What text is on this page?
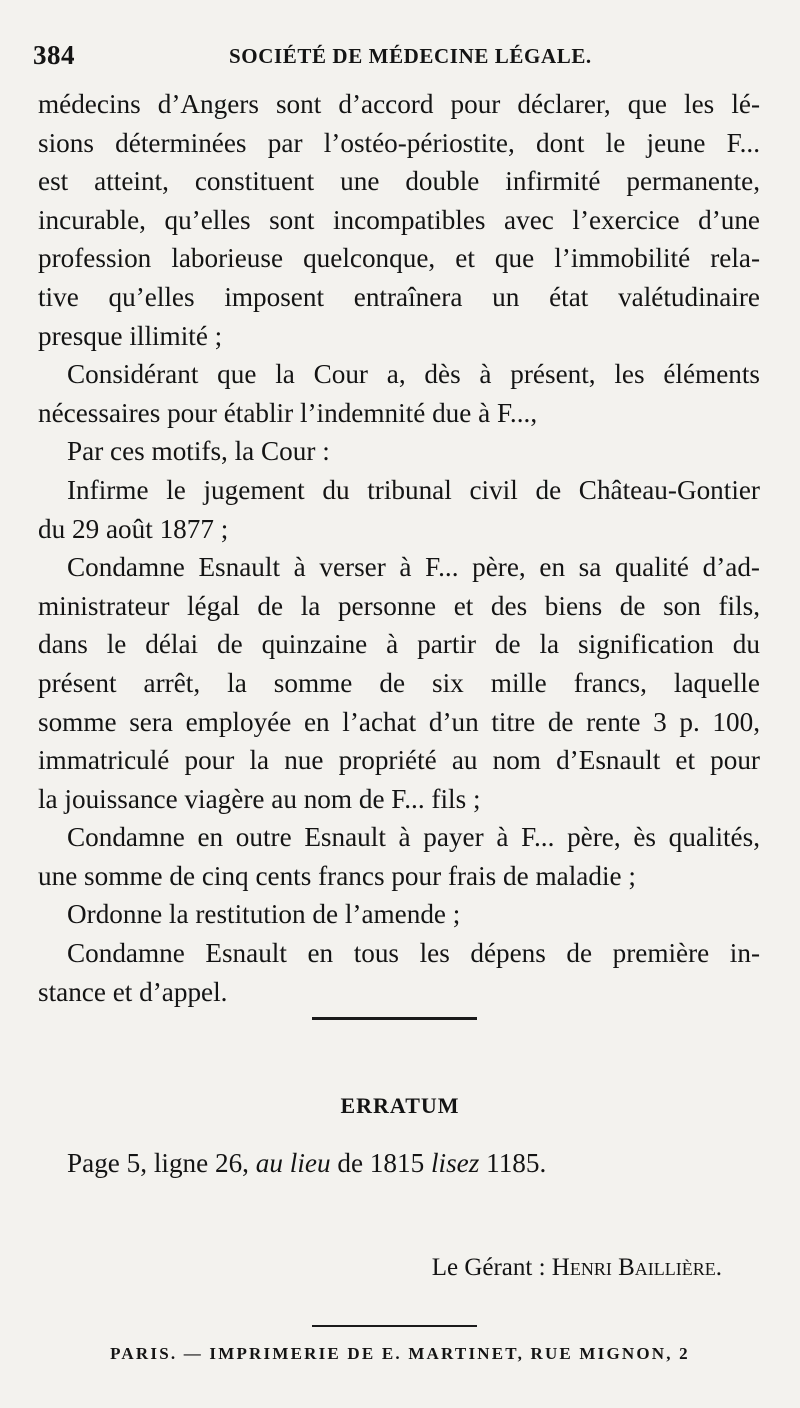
384	SOCIÉTÉ DE MÉDECINE LÉGALE.
médecins d’Angers sont d’accord pour déclarer, que les lé-
sions déterminées par l’ostéo-périostite, dont le jeune F...
est atteint, constituent une double infirmité permanente,
incurable, qu’elles sont incompatibles avec l’exercice d’une
profession laborieuse quelconque, et que l’immobilité rela-
tive qu’elles imposent entraînera un état valétudinaire
presque illimité ;
Considérant que la Cour a, dès à présent, les éléments
nécessaires pour établir l’indemnité due à F...,
Par ces motifs, la Cour :
Infirme le jugement du tribunal civil de Château-Gontier
du 29 août 1877 ;
Condamne Esnault à verser à F... père, en sa qualité d’ad-
ministrateur légal de la personne et des biens de son fils,
dans le délai de quinzaine à partir de la signification du
présent arrêt, la somme de six mille francs, laquelle
somme sera employée en l’achat d’un titre de rente 3 p. 100,
immatriculé pour la nue propriété au nom d’Esnault et pour
la jouissance viagère au nom de F... fils ;
Condamne en outre Esnault à payer à F... père, ès qualités,
une somme de cinq cents francs pour frais de maladie ;
Ordonne la restitution de l’amende ;
Condamne Esnault en tous les dépens de première in-
stance et d’appel.
ERRATUM
Page 5, ligne 26, au lieu de 1815 lisez 1185.
Le Gérant : Henri Baillière.
PARIS. — IMPRIMERIE DE E. MARTINET, RUE MIGNON, 2
